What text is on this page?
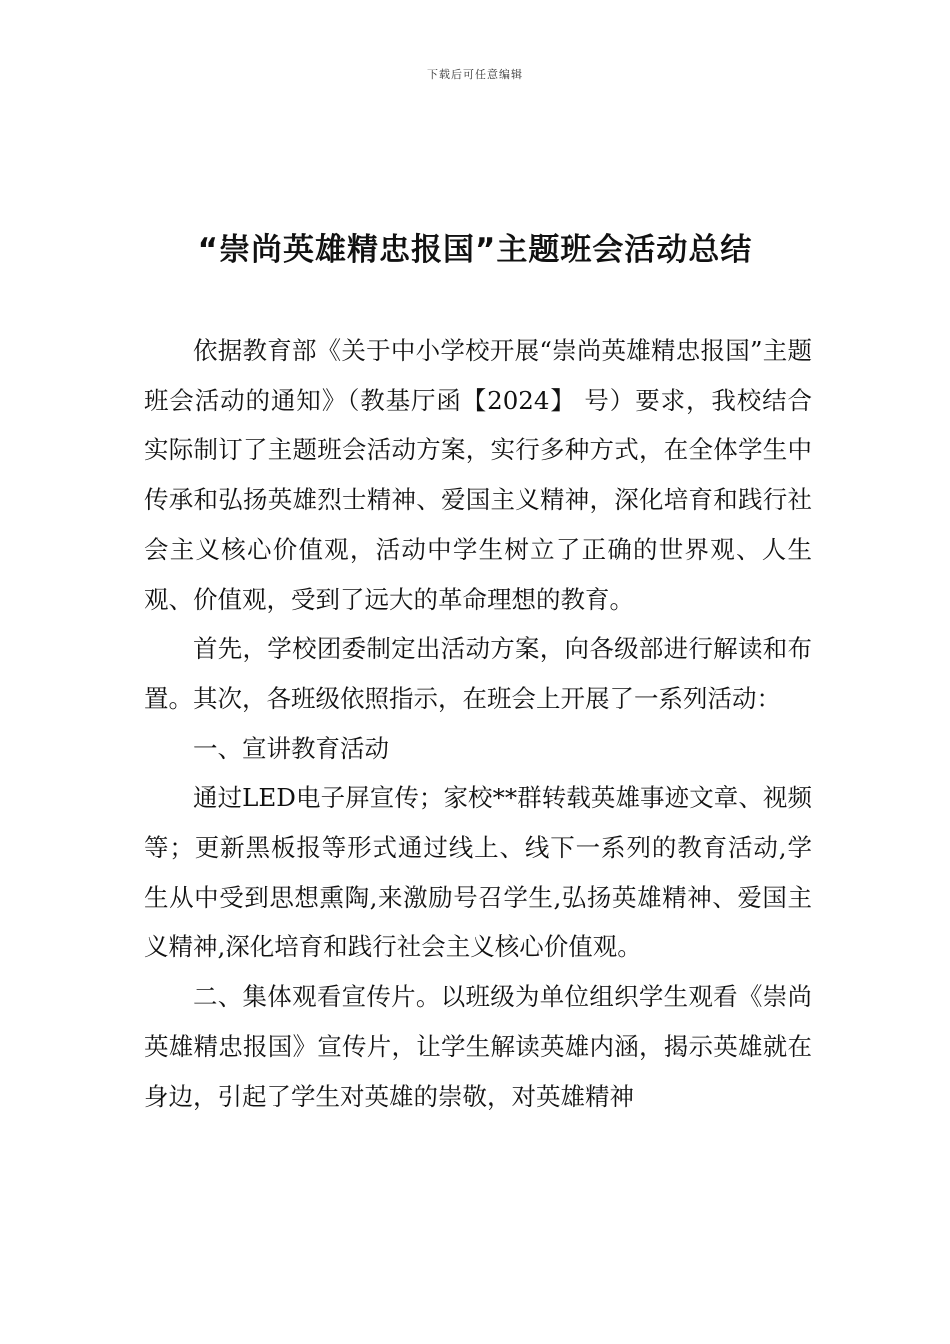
下载后可任意编辑
“崇尚英雄精忠报国”主题班会活动总结

依据教育部《关于中小学校开展“崇尚英雄精忠报国”主题班会活动的通知》（教基厅函【2024】 号）要求，我校结合实际制订了主题班会活动方案，实行多种方式，在全体学生中传承和弘扬英雄烈士精神、爱国主义精神，深化培育和践行社会主义核心价值观，活动中学生树立了正确的世界观、人生观、价值观，受到了远大的革命理想的教育。

首先，学校团委制定出活动方案，向各级部进行解读和布置。其次，各班级依照指示，在班会上开展了一系列活动：

一、宣讲教育活动

通过LED电子屏宣传；家校**群转载英雄事迹文章、视频等；更新黑板报等形式通过线上、线下一系列的教育活动,学生从中受到思想熏陶,来激励号召学生,弘扬英雄精神、爱国主义精神,深化培育和践行社会主义核心价值观。

二、集体观看宣传片。以班级为单位组织学生观看《崇尚英雄精忠报国》宣传片，让学生解读英雄内涵，揭示英雄就在身边，引起了学生对英雄的崇敬，对英雄精神
